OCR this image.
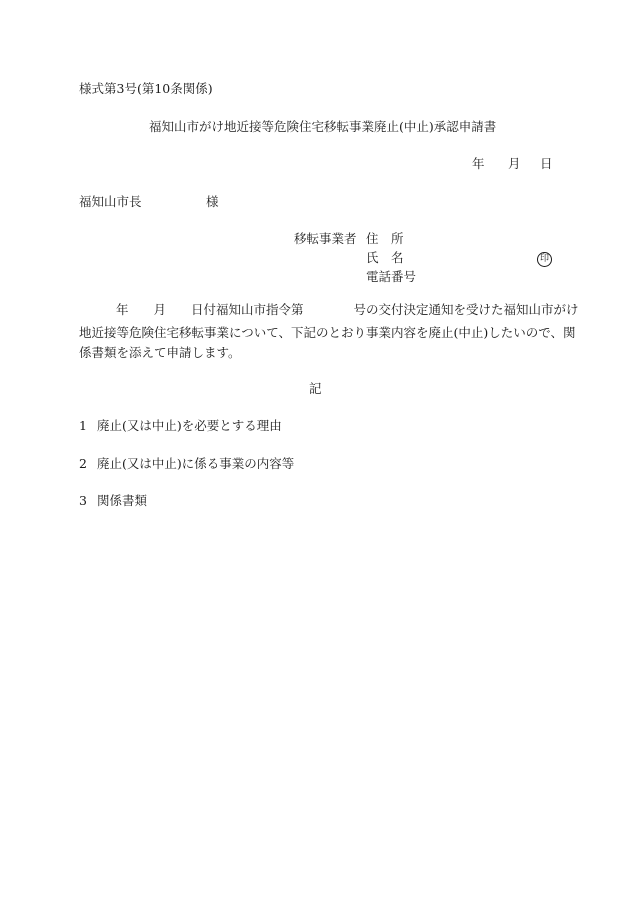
様式第3号(第10条関係)
福知山市がけ地近接等危険住宅移転事業廃止(中止)承認申請書
年 月 日
福知山市長	様
移転事業者 住　所
氏　名	印
電話番号
年　　月　　日付福知山市指令第　　　　号の交付決定通知を受けた福知山市がけ
地近接等危険住宅移転事業について、下記のとおり事業内容を廃止(中止)したいので、関
係書類を添えて申請します。
記
1 廃止(又は中止)を必要とする理由
2 廃止(又は中止)に係る事業の内容等
3 関係書類
